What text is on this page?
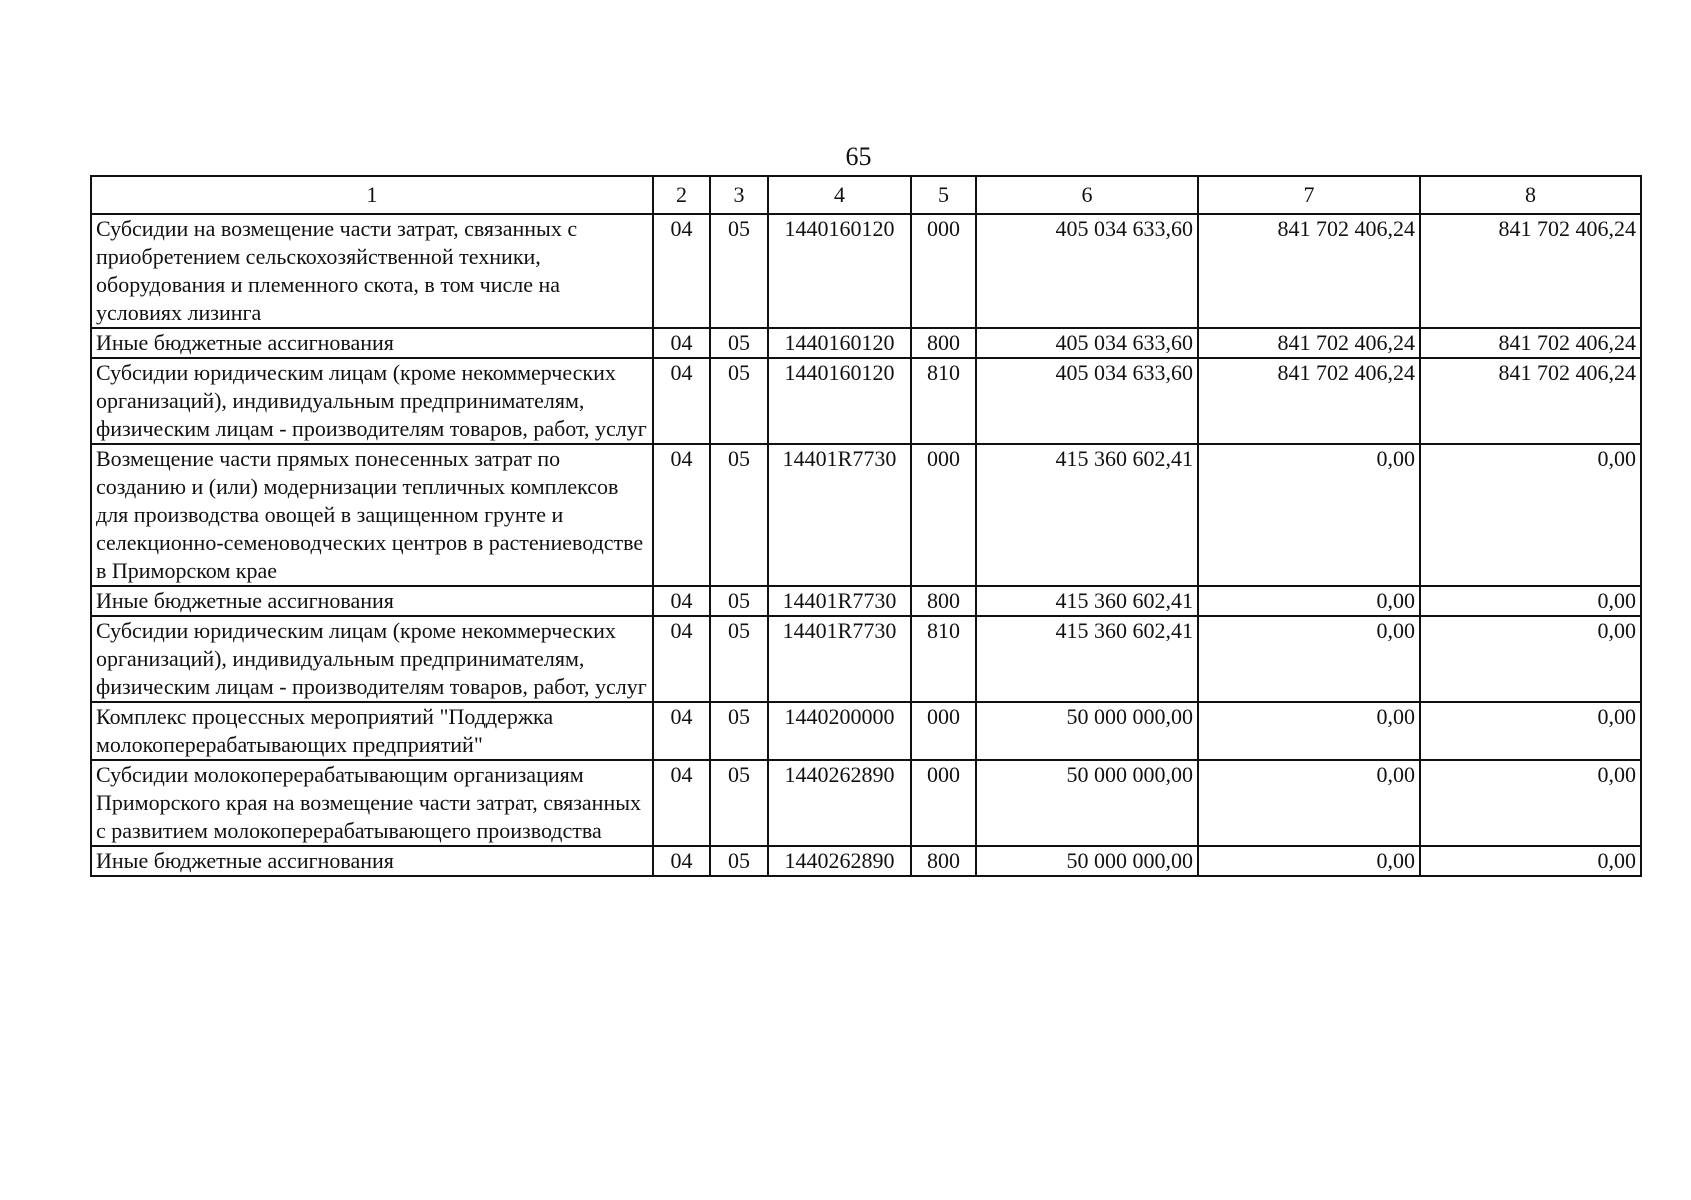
65
1	2	3	4	5	6	7	8
Субсидии на возмещение части затрат, связанных с приобретением сельскохозяйственной техники, оборудования и племенного скота, в том числе на условиях лизинга	04	05	1440160120	000	405 034 633,60	841 702 406,24	841 702 406,24
Иные бюджетные ассигнования	04	05	1440160120	800	405 034 633,60	841 702 406,24	841 702 406,24
Субсидии юридическим лицам (кроме некоммерческих организаций), индивидуальным предпринимателям, физическим лицам - производителям товаров, работ, услуг	04	05	1440160120	810	405 034 633,60	841 702 406,24	841 702 406,24
Возмещение части прямых понесенных затрат по созданию и (или) модернизации тепличных комплексов для производства овощей в защищенном грунте и селекционно-семеноводческих центров в растениеводстве в Приморском крае	04	05	14401R7730	000	415 360 602,41	0,00	0,00
Иные бюджетные ассигнования	04	05	14401R7730	800	415 360 602,41	0,00	0,00
Субсидии юридическим лицам (кроме некоммерческих организаций), индивидуальным предпринимателям, физическим лицам - производителям товаров, работ, услуг	04	05	14401R7730	810	415 360 602,41	0,00	0,00
Комплекс процессных мероприятий "Поддержка молокоперерабатывающих предприятий"	04	05	1440200000	000	50 000 000,00	0,00	0,00
Субсидии молокоперерабатывающим организациям Приморского края на возмещение части затрат, связанных с развитием молокоперерабатывающего производства	04	05	1440262890	000	50 000 000,00	0,00	0,00
Иные бюджетные ассигнования	04	05	1440262890	800	50 000 000,00	0,00	0,00
